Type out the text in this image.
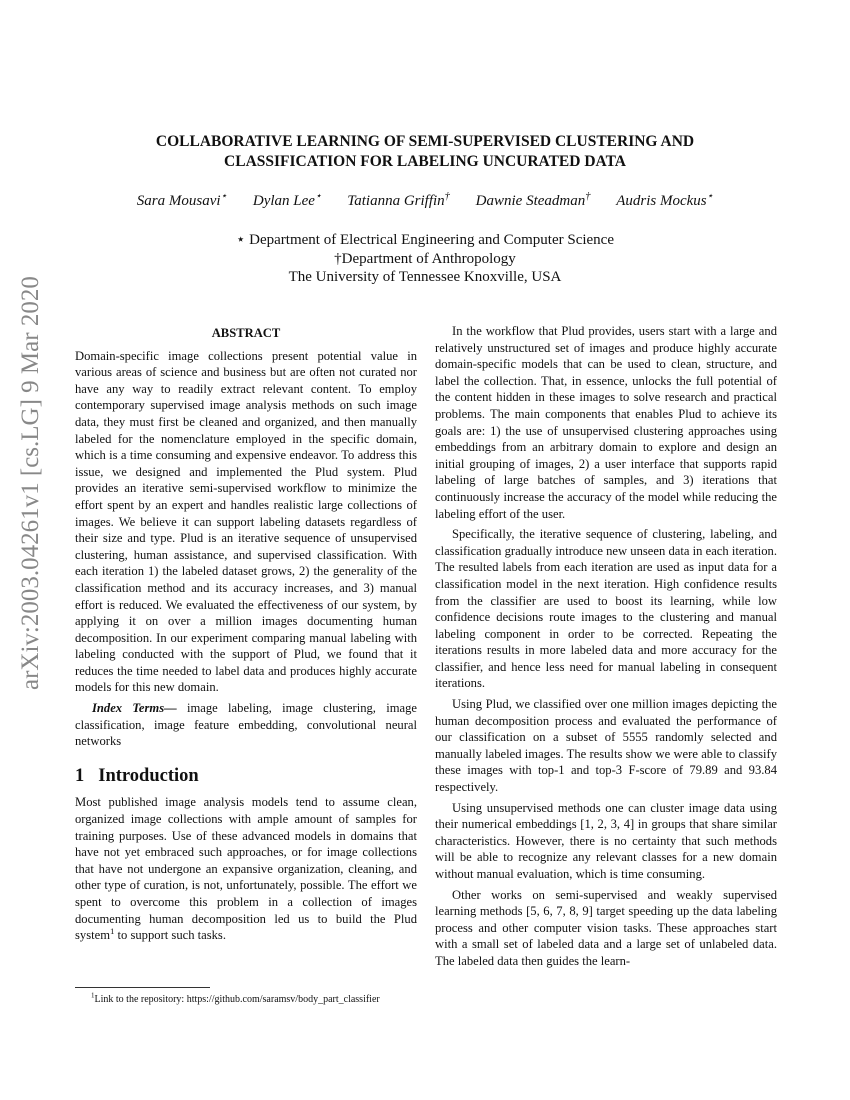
arXiv:2003.04261v1 [cs.LG] 9 Mar 2020
COLLABORATIVE LEARNING OF SEMI-SUPERVISED CLUSTERING AND
CLASSIFICATION FOR LABELING UNCURATED DATA
Sara Mousavi⋆ Dylan Lee⋆ Tatianna Griffin† Dawnie Steadman† Audris Mockus⋆
⋆ Department of Electrical Engineering and Computer Science
†Department of Anthropology
The University of Tennessee Knoxville, USA
ABSTRACT

Domain-specific image collections present potential value in various areas of science and business but are often not curated nor have any way to readily extract relevant content. To employ contemporary supervised image analysis methods on such image data, they must first be cleaned and organized, and then manually labeled for the nomenclature employed in the specific domain, which is a time consuming and expensive endeavor. To address this issue, we designed and implemented the Plud system. Plud provides an iterative semi-supervised workflow to minimize the effort spent by an expert and handles realistic large collections of images. We believe it can support labeling datasets regardless of their size and type. Plud is an iterative sequence of unsupervised clustering, human assistance, and supervised classification. With each iteration 1) the labeled dataset grows, 2) the generality of the classification method and its accuracy increases, and 3) manual effort is reduced. We evaluated the effectiveness of our system, by applying it on over a million images documenting human decomposition. In our experiment comparing manual labeling with labeling conducted with the support of Plud, we found that it reduces the time needed to label data and produces highly accurate models for this new domain.

Index Terms— image labeling, image clustering, image classification, image feature embedding, convolutional neural networks

1 Introduction

Most published image analysis models tend to assume clean, organized image collections with ample amount of samples for training purposes. Use of these advanced models in domains that have not yet embraced such approaches, or for image collections that have not undergone an expansive organization, cleaning, and other type of curation, is not, unfortunately, possible. The effort we spent to overcome this problem in a collection of images documenting human decomposition led us to build the Plud system$^1$ to support such tasks.

In the workflow that Plud provides, users start with a large and relatively unstructured set of images and produce highly accurate domain-specific models that can be used to clean, structure, and label the collection. That, in essence, unlocks the full potential of the content hidden in these images to solve research and practical problems. The main components that enables Plud to achieve its goals are: 1) the use of unsupervised clustering approaches using embeddings from an arbitrary domain to explore and design an initial grouping of images, 2) a user interface that supports rapid labeling of large batches of samples, and 3) iterations that continuously increase the accuracy of the model while reducing the labeling effort of the user.

Specifically, the iterative sequence of clustering, labeling, and classification gradually introduce new unseen data in each iteration. The resulted labels from each iteration are used as input data for a classification model in the next iteration. High confidence results from the classifier are used to boost its learning, while low confidence decisions route images to the clustering and manual labeling component in order to be corrected. Repeating the iterations results in more labeled data and more accuracy for the classifier, and hence less need for manual labeling in consequent iterations.

Using Plud, we classified over one million images depicting the human decomposition process and evaluated the performance of our classification on a subset of 5555 randomly selected and manually labeled images. The results show we were able to classify these images with top-1 and top-3 F-score of 79.89 and 93.84 respectively.

Using unsupervised methods one can cluster image data using their numerical embeddings [1, 2, 3, 4] in groups that share similar characteristics. However, there is no certainty that such methods will be able to recognize any relevant classes for a new domain without manual evaluation, which is time consuming.

Other works on semi-supervised and weakly supervised learning methods [5, 6, 7, 8, 9] target speeding up the data labeling process and other computer vision tasks. These approaches start with a small set of labeled data and a large set of unlabeled data. The labeled data then guides the learn-

$^1$Link to the repository: https://github.com/saramsv/body_part_classifier
